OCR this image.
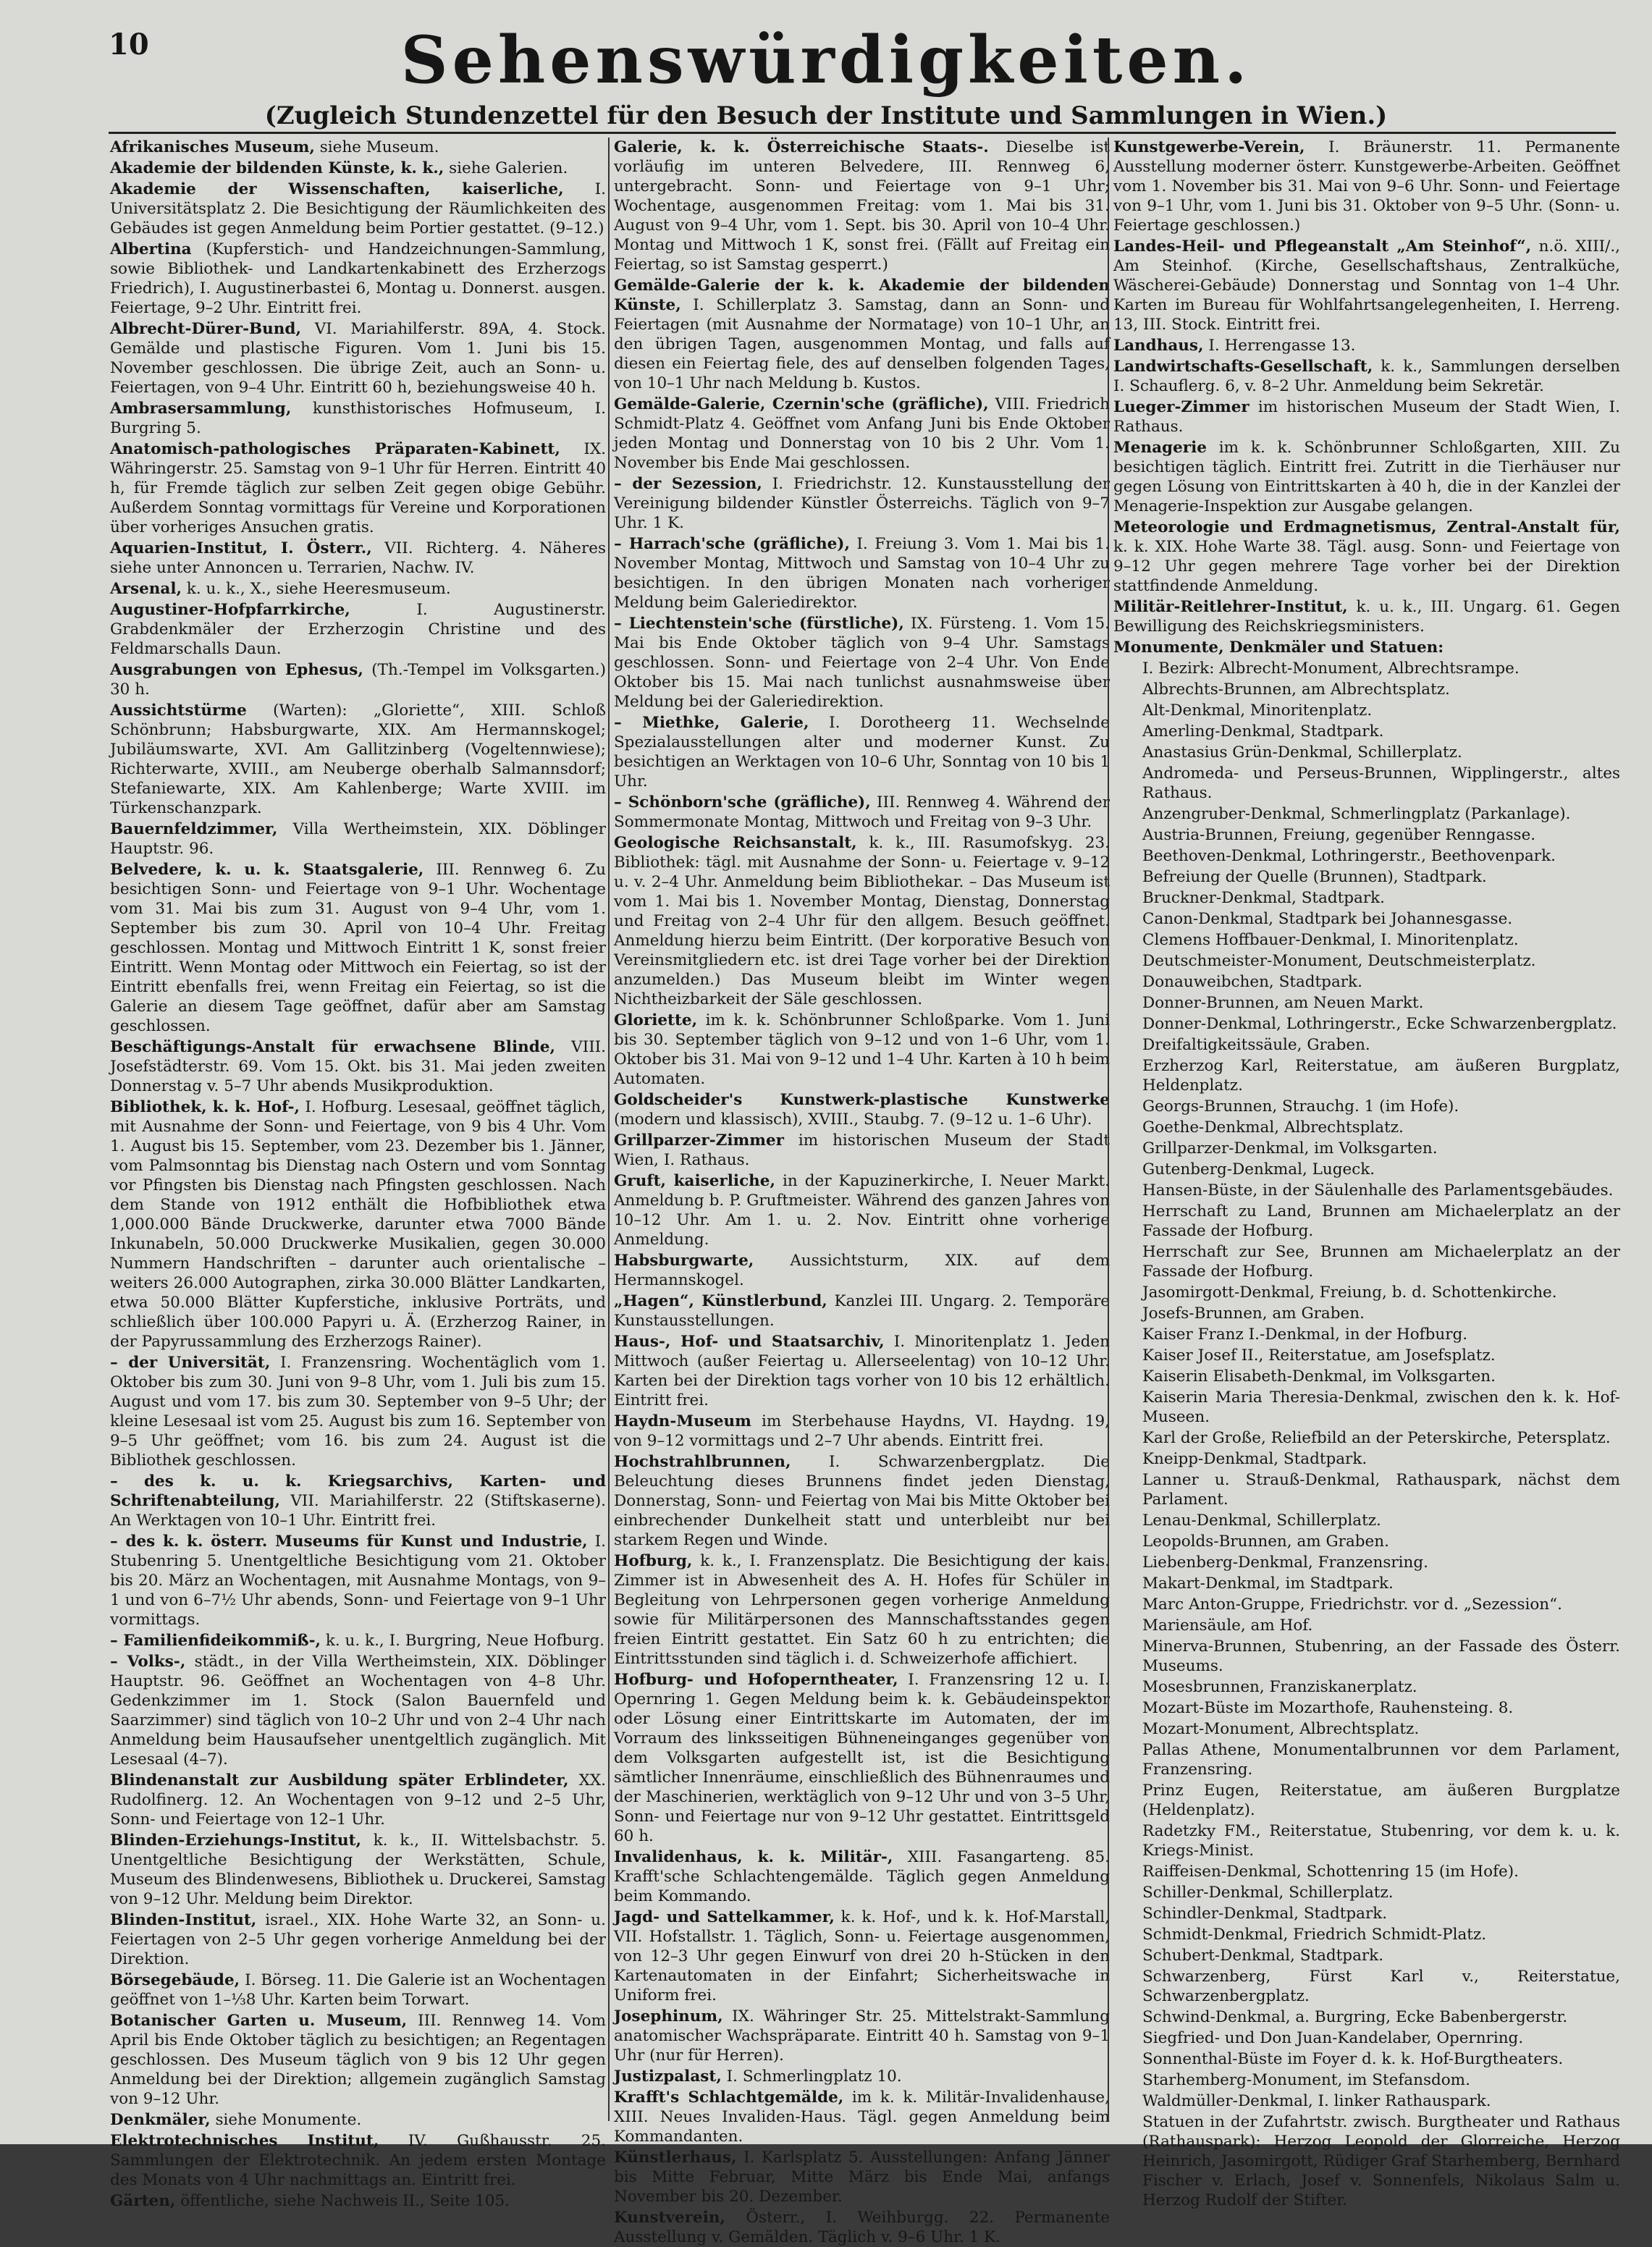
10	Sehenswürdigkeiten.
(Zugleich Stundenzettel für den Besuch der Institute und Sammlungen in Wien.)
Afrikanisches Museum, siehe Museum.
Akademie der bildenden Künste, k. k., siehe Galerien.
Akademie der Wissenschaften, kaiserliche, I. Universitätsplatz 2. Die Besichtigung der Räumlichkeiten des Gebäudes ist gegen Anmeldung beim Portier gestattet. (9–12.)
Albertina (Kupferstich- und Handzeichnungen-Sammlung, sowie Bibliothek- und Landkartenkabinett des Erzherzogs Friedrich), I. Augustinerbastei 6, Montag u. Donnerst. ausgen. Feiertage, 9–2 Uhr. Eintritt frei.
Albrecht-Dürer-Bund, VI. Mariahilferstr. 89A, 4. Stock. Gemälde und plastische Figuren. Vom 1. Juni bis 15. November geschlossen. Die übrige Zeit, auch an Sonn- u. Feiertagen, von 9–4 Uhr. Eintritt 60 h, beziehungsweise 40 h.
Ambrasersammlung, kunsthistorisches Hofmuseum, I. Burgring 5.
Anatomisch-pathologisches Präparaten-Kabinett, IX. Währingerstr. 25. Samstag von 9–1 Uhr für Herren. Eintritt 40 h, für Fremde täglich zur selben Zeit gegen obige Gebühr. Außerdem Sonntag vormittags für Vereine und Korporationen über vorheriges Ansuchen gratis.
Aquarien-Institut, I. Österr., VII. Richterg. 4. Näheres siehe unter Annoncen u. Terrarien, Nachw. IV.
Arsenal, k. u. k., X., siehe Heeresmuseum.
Augustiner-Hofpfarrkirche,	I. Augustinerstr. Grabdenkmäler der Erzherzogin Christine und des Feldmarschalls Daun.
Ausgrabungen von Ephesus, (Th.-Tempel im Volksgarten.) 30 h.
Aussichtstürme (Warten): „Gloriette“, XIII. Schloß Schönbrunn; Habsburgwarte, XIX. Am Hermannskogel; Jubiläumswarte, XVI. Am Gallitzinberg (Vogeltennwiese); Richterwarte, XVIII., am Neuberge oberhalb Salmannsdorf; Stefaniewarte, XIX. Am Kahlenberge; Warte XVIII. im Türkenschanzpark.
Bauernfeldzimmer, Villa Wertheimstein, XIX. Döblinger Hauptstr. 96.
Belvedere, k. u. k. Staatsgalerie, III. Rennweg 6. Zu besichtigen Sonn- und Feiertage von 9–1 Uhr. Wochentage vom 31. Mai bis zum 31. August von 9–4 Uhr, vom 1. September bis zum 30. April von 10–4 Uhr. Freitag geschlossen. Montag und Mittwoch Eintritt 1 K, sonst freier Eintritt. Wenn Montag oder Mittwoch ein Feiertag, so ist der Eintritt ebenfalls frei, wenn Freitag ein Feiertag, so ist die Galerie an diesem Tage geöffnet, dafür aber am Samstag geschlossen.
Beschäftigungs-Anstalt für erwachsene Blinde, VIII. Josefstädterstr. 69. Vom 15. Okt. bis 31. Mai jeden zweiten Donnerstag v. 5–7 Uhr abends Musikproduktion.
Bibliothek, k. k. Hof-, I. Hofburg. Lesesaal, geöffnet täglich, mit Ausnahme der Sonn- und Feiertage, von 9 bis 4 Uhr. Vom 1. August bis 15. September, vom 23. Dezember bis 1. Jänner, vom Palmsonntag bis Dienstag nach Ostern und vom Sonntag vor Pfingsten bis Dienstag nach Pfingsten geschlossen. Nach dem Stande von 1912 enthält die Hofbibliothek etwa 1,000.000 Bände Druckwerke, darunter etwa 7000 Bände Inkunabeln, 50.000 Druckwerke Musikalien, gegen 30.000 Nummern Handschriften – darunter auch orientalische – weiters 26.000 Autographen, zirka 30.000 Blätter Landkarten, etwa 50.000 Blätter Kupferstiche, inklusive Porträts, und schließlich über 100.000 Papyri u. Ä. (Erzherzog Rainer, in der Papyrussammlung des Erzherzogs Rainer).
– der Universität, I. Franzensring. Wochentäglich vom 1. Oktober bis zum 30. Juni von 9–8 Uhr, vom 1. Juli bis zum 15. August und vom 17. bis zum 30. September von 9–5 Uhr; der kleine Lesesaal ist vom 25. August bis zum 16. September von 9–5 Uhr geöffnet; vom 16. bis zum 24. August ist die Bibliothek geschlossen.
– des k. u. k. Kriegsarchivs, Karten- und Schriftenabteilung, VII. Mariahilferstr. 22 (Stiftskaserne). An Werktagen von 10–1 Uhr. Eintritt frei.
– des k. k. österr. Museums für Kunst und Industrie, I. Stubenring 5. Unentgeltliche Besichtigung vom 21. Oktober bis 20. März an Wochentagen, mit Ausnahme Montags, von 9–1 und von 6–7½ Uhr abends, Sonn- und Feiertage von 9–1 Uhr vormittags.
– Familienfideikommiß-, k. u. k., I. Burgring, Neue Hofburg.
– Volks-, städt., in der Villa Wertheimstein, XIX. Döblinger Hauptstr. 96. Geöffnet an Wochentagen von 4–8 Uhr. Gedenkzimmer im 1. Stock (Salon Bauernfeld und Saarzimmer) sind täglich von 10–2 Uhr und von 2–4 Uhr nach Anmeldung beim Hausaufseher unentgeltlich zugänglich. Mit Lesesaal (4–7).
Blindenanstalt zur Ausbildung später Erblindeter, XX. Rudolfinerg. 12. An Wochentagen von 9–12 und 2–5 Uhr, Sonn- und Feiertage von 12–1 Uhr.
Blinden-Erziehungs-Institut, k. k., II. Wittelsbachstr. 5. Unentgeltliche Besichtigung der Werkstätten, Schule, Museum des Blindenwesens, Bibliothek u. Druckerei, Samstag von 9–12 Uhr. Meldung beim Direktor.
Blinden-Institut, israel., XIX. Hohe Warte 32, an Sonn- u. Feiertagen von 2–5 Uhr gegen vorherige Anmeldung bei der Direktion.
Börsegebäude, I. Börseg. 11. Die Galerie ist an Wochentagen geöffnet von 1–⅓8 Uhr. Karten beim Torwart.
Botanischer Garten u. Museum, III. Rennweg 14. Vom April bis Ende Oktober täglich zu besichtigen; an Regentagen geschlossen. Des Museum täglich von 9 bis 12 Uhr gegen Anmeldung bei der Direktion; allgemein zugänglich Samstag von 9–12 Uhr.
Denkmäler, siehe Monumente.
Elektrotechnisches Institut, IV. Gußhausstr. 25. Sammlungen der Elektrotechnik. An jedem ersten Montage des Monats von 4 Uhr nachmittags an. Eintritt frei.
Gärten, öffentliche, siehe Nachweis II., Seite 105.
Galerie, k. k. Österreichische Staats-. Dieselbe ist vorläufig im unteren Belvedere, III. Rennweg 6, untergebracht. Sonn- und Feiertage von 9–1 Uhr; Wochentage, ausgenommen Freitag: vom 1. Mai bis 31. August von 9–4 Uhr, vom 1. Sept. bis 30. April von 10–4 Uhr. Montag und Mittwoch 1 K, sonst frei. (Fällt auf Freitag ein Feiertag, so ist Samstag gesperrt.)
Gemälde-Galerie der k. k. Akademie der bildenden Künste, I. Schillerplatz 3. Samstag, dann an Sonn- und Feiertagen (mit Ausnahme der Normatage) von 10–1 Uhr, an den übrigen Tagen, ausgenommen Montag, und falls auf diesen ein Feiertag fiele, des auf denselben folgenden Tages, von 10–1 Uhr nach Meldung b. Kustos.
Gemälde-Galerie, Czernin'sche (gräfliche), VIII. Friedrich Schmidt-Platz 4. Geöffnet vom Anfang Juni bis Ende Oktober jeden Montag und Donnerstag von 10 bis 2 Uhr. Vom 1. November bis Ende Mai geschlossen.
– der Sezession, I. Friedrichstr. 12. Kunstausstellung der Vereinigung bildender Künstler Österreichs. Täglich von 9–7 Uhr. 1 K.
– Harrach'sche (gräfliche), I. Freiung 3. Vom 1. Mai bis 1. November Montag, Mittwoch und Samstag von 10–4 Uhr zu besichtigen. In den übrigen Monaten nach vorheriger Meldung beim Galeriedirektor.
– Liechtenstein'sche (fürstliche), IX. Fürsteng. 1. Vom 15. Mai bis Ende Oktober täglich von 9–4 Uhr. Samstags geschlossen. Sonn- und Feiertage von 2–4 Uhr. Von Ende Oktober bis 15. Mai nach tunlichst ausnahmsweise über Meldung bei der Galeriedirektion.
– Miethke, Galerie, I. Dorotheerg 11. Wechselnde Spezialausstellungen alter und moderner Kunst. Zu besichtigen an Werktagen von 10–6 Uhr, Sonntag von 10 bis 1 Uhr.
– Schönborn'sche (gräfliche), III. Rennweg 4. Während der Sommermonate Montag, Mittwoch und Freitag von 9–3 Uhr.
Geologische Reichsanstalt, k. k., III. Rasumofskyg. 23. Bibliothek: tägl. mit Ausnahme der Sonn- u. Feiertage v. 9–12 u. v. 2–4 Uhr. Anmeldung beim Bibliothekar. – Das Museum ist vom 1. Mai bis 1. November Montag, Dienstag, Donnerstag und Freitag von 2–4 Uhr für den allgem. Besuch geöffnet. Anmeldung hierzu beim Eintritt. (Der korporative Besuch von Vereinsmitgliedern etc. ist drei Tage vorher bei der Direktion anzumelden.) Das Museum bleibt im Winter wegen Nichtheizbarkeit der Säle geschlossen.
Gloriette, im k. k. Schönbrunner Schloßparke. Vom 1. Juni bis 30. September täglich von 9–12 und von 1–6 Uhr, vom 1. Oktober bis 31. Mai von 9–12 und 1–4 Uhr. Karten à 10 h beim Automaten.
Goldscheider's Kunstwerk-plastische Kunstwerke (modern und klassisch), XVIII., Staubg. 7. (9–12 u. 1–6 Uhr).
Grillparzer-Zimmer im historischen Museum der Stadt Wien, I. Rathaus.
Gruft, kaiserliche, in der Kapuzinerkirche, I. Neuer Markt. Anmeldung b. P. Gruftmeister. Während des ganzen Jahres von 10–12 Uhr. Am 1. u. 2. Nov. Eintritt ohne vorherige Anmeldung.
Habsburgwarte, Aussichtsturm, XIX. auf dem Hermannskogel.
„Hagen“, Künstlerbund, Kanzlei III. Ungarg. 2. Temporäre Kunstausstellungen.
Haus-, Hof- und Staatsarchiv, I. Minoritenplatz 1. Jeden Mittwoch (außer Feiertag u. Allerseelentag) von 10–12 Uhr. Karten bei der Direktion tags vorher von 10 bis 12 erhältlich. Eintritt frei.
Haydn-Museum im Sterbehause Haydns, VI. Haydng. 19, von 9–12 vormittags und 2–7 Uhr abends. Eintritt frei.
Hochstrahlbrunnen, I. Schwarzenbergplatz. Die Beleuchtung dieses Brunnens findet jeden Dienstag, Donnerstag, Sonn- und Feiertag von Mai bis Mitte Oktober bei einbrechender Dunkelheit statt und unterbleibt nur bei starkem Regen und Winde.
Hofburg, k. k., I. Franzensplatz. Die Besichtigung der kais. Zimmer ist in Abwesenheit des A. H. Hofes für Schüler in Begleitung von Lehrpersonen gegen vorherige Anmeldung sowie für Militärpersonen des Mannschaftsstandes gegen freien Eintritt gestattet. Ein Satz 60 h zu entrichten; die Eintrittsstunden sind täglich i. d. Schweizerhofe affichiert.
Hofburg- und Hofoperntheater, I. Franzensring 12 u. I. Opernring 1. Gegen Meldung beim k. k. Gebäudeinspektor oder Lösung einer Eintrittskarte im Automaten, der im Vorraum des linksseitigen Bühneneinganges gegenüber von dem Volksgarten aufgestellt ist, ist die Besichtigung sämtlicher Innenräume, einschließlich des Bühnenraumes und der Maschinerien, werktäglich von 9–12 Uhr und von 3–5 Uhr, Sonn- und Feiertage nur von 9–12 Uhr gestattet. Eintrittsgeld 60 h.
Invalidenhaus, k. k. Militär-, XIII. Fasangarteng. 85. Krafft'sche Schlachtengemälde. Täglich gegen Anmeldung beim Kommando.
Jagd- und Sattelkammer, k. k. Hof-, und k. k. Hof-Marstall, VII. Hofstallstr. 1. Täglich, Sonn- u. Feiertage ausgenommen, von 12–3 Uhr gegen Einwurf von drei 20 h-Stücken in den Kartenautomaten in der Einfahrt; Sicherheitswache in Uniform frei.
Josephinum, IX. Währinger Str. 25. Mittelstrakt-Sammlung anatomischer Wachspräparate. Eintritt 40 h. Samstag von 9–1 Uhr (nur für Herren).
Justizpalast, I. Schmerlingplatz 10.
Krafft's Schlachtgemälde, im k. k. Militär-Invalidenhause, XIII. Neues Invaliden-Haus. Tägl. gegen Anmeldung beim Kommandanten.
Künstlerhaus, I. Karlsplatz 5. Ausstellungen: Anfang Jänner bis Mitte Februar, Mitte März bis Ende Mai, anfangs November bis 20. Dezember.
Kunstverein, Österr., I. Weihburgg. 22. Permanente Ausstellung v. Gemälden. Täglich v. 9–6 Uhr. 1 K.
Kunstgewerbe-Verein, I. Bräunerstr. 11. Permanente Ausstellung moderner österr. Kunstgewerbe-Arbeiten. Geöffnet vom 1. November bis 31. Mai von 9–6 Uhr. Sonn- und Feiertage von 9–1 Uhr, vom 1. Juni bis 31. Oktober von 9–5 Uhr. (Sonn- u. Feiertage geschlossen.)
Landes-Heil- und Pflegeanstalt „Am Steinhof“, n.ö. XIII/., Am Steinhof. (Kirche, Gesellschaftshaus, Zentralküche, Wäscherei-Gebäude) Donnerstag und Sonntag von 1–4 Uhr. Karten im Bureau für Wohlfahrtsangelegenheiten, I. Herreng. 13, III. Stock. Eintritt frei.
Landhaus, I. Herrengasse 13.
Landwirtschafts-Gesellschaft, k. k., Sammlungen derselben I. Schauflerg. 6, v. 8–2 Uhr. Anmeldung beim Sekretär.
Lueger-Zimmer im historischen Museum der Stadt Wien, I. Rathaus.
Menagerie im k. k. Schönbrunner Schloßgarten, XIII. Zu besichtigen täglich. Eintritt frei. Zutritt in die Tierhäuser nur gegen Lösung von Eintrittskarten à 40 h, die in der Kanzlei der Menagerie-Inspektion zur Ausgabe gelangen.
Meteorologie und Erdmagnetismus, Zentral-Anstalt für, k. k. XIX. Hohe Warte 38. Tägl. ausg. Sonn- und Feiertage von 9–12 Uhr gegen mehrere Tage vorher bei der Direktion stattfindende Anmeldung.
Militär-Reitlehrer-Institut, k. u. k., III. Ungarg. 61. Gegen Bewilligung des Reichskriegsministers.
Monumente, Denkmäler und Statuen:
I. Bezirk: Albrecht-Monument, Albrechtsrampe.
Albrechts-Brunnen, am Albrechtsplatz.
Alt-Denkmal, Minoritenplatz.
Amerling-Denkmal, Stadtpark.
Anastasius Grün-Denkmal, Schillerplatz.
Andromeda- und Perseus-Brunnen, Wipplingerstr., altes Rathaus.
Anzengruber-Denkmal, Schmerlingplatz (Parkanlage).
Austria-Brunnen, Freiung, gegenüber Renngasse.
Beethoven-Denkmal, Lothringerstr., Beethovenpark.
Befreiung der Quelle (Brunnen), Stadtpark.
Bruckner-Denkmal, Stadtpark.
Canon-Denkmal, Stadtpark bei Johannesgasse.
Clemens Hoffbauer-Denkmal, I. Minoritenplatz.
Deutschmeister-Monument, Deutschmeisterplatz.
Donauweibchen, Stadtpark.
Donner-Brunnen, am Neuen Markt.
Donner-Denkmal, Lothringerstr., Ecke Schwarzenbergplatz.
Dreifaltigkeitssäule, Graben.
Erzherzog Karl, Reiterstatue, am äußeren Burgplatz, Heldenplatz.
Georgs-Brunnen, Strauchg. 1 (im Hofe).
Goethe-Denkmal, Albrechtsplatz.
Grillparzer-Denkmal, im Volksgarten.
Gutenberg-Denkmal, Lugeck.
Hansen-Büste, in der Säulenhalle des Parlamentsgebäudes.
Herrschaft zu Land, Brunnen am Michaelerplatz an der Fassade der Hofburg.
Herrschaft zur See, Brunnen am Michaelerplatz an der Fassade der Hofburg.
Jasomirgott-Denkmal, Freiung, b. d. Schottenkirche.
Josefs-Brunnen, am Graben.
Kaiser Franz I.-Denkmal, in der Hofburg.
Kaiser Josef II., Reiterstatue, am Josefsplatz.
Kaiserin Elisabeth-Denkmal, im Volksgarten.
Kaiserin Maria Theresia-Denkmal, zwischen den k. k. Hof-Museen.
Karl der Große, Reliefbild an der Peterskirche, Petersplatz.
Kneipp-Denkmal, Stadtpark.
Lanner u. Strauß-Denkmal, Rathauspark, nächst dem Parlament.
Lenau-Denkmal, Schillerplatz.
Leopolds-Brunnen, am Graben.
Liebenberg-Denkmal, Franzensring.
Makart-Denkmal, im Stadtpark.
Marc Anton-Gruppe, Friedrichstr. vor d. „Sezession“.
Mariensäule, am Hof.
Minerva-Brunnen, Stubenring, an der Fassade des Österr. Museums.
Mosesbrunnen, Franziskanerplatz.
Mozart-Büste im Mozarthofe, Rauhensteing. 8.
Mozart-Monument, Albrechtsplatz.
Pallas Athene, Monumentalbrunnen vor dem Parlament, Franzensring.
Prinz Eugen, Reiterstatue, am äußeren Burgplatze (Heldenplatz).
Radetzky FM., Reiterstatue, Stubenring, vor dem k. u. k. Kriegs-Minist.
Raiffeisen-Denkmal, Schottenring 15 (im Hofe).
Schiller-Denkmal, Schillerplatz.
Schindler-Denkmal, Stadtpark.
Schmidt-Denkmal, Friedrich Schmidt-Platz.
Schubert-Denkmal, Stadtpark.
Schwarzenberg, Fürst Karl v., Reiterstatue, Schwarzenbergplatz.
Schwind-Denkmal, a. Burgring, Ecke Babenbergerstr.
Siegfried- und Don Juan-Kandelaber, Opernring.
Sonnenthal-Büste im Foyer d. k. k. Hof-Burgtheaters.
Starhemberg-Monument, im Stefansdom.
Waldmüller-Denkmal, I. linker Rathauspark.
Statuen in der Zufahrtstr. zwisch. Burgtheater und Rathaus (Rathauspark): Herzog Leopold der Glorreiche, Herzog Heinrich, Jasomirgott, Rüdiger Graf Starhemberg, Bernhard Fischer v. Erlach, Josef v. Sonnenfels, Nikolaus Salm u. Herzog Rudolf der Stifter.
